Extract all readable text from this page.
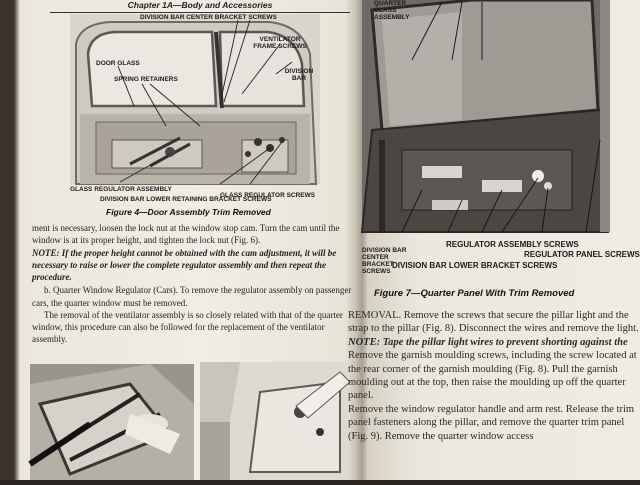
Chapter 1A—Body and Accessories
DIVISION BAR CENTER BRACKET SCREWS
VENTILATOR FRAME SCREWS
DIVISION BAR
DOOR GLASS
SPRING RETAINERS
GLASS REGULATOR ASSEMBLY
GLASS REGULATOR SCREWS
DIVISION BAR LOWER RETAINING BRACKET SCREWS
Figure 4—Door Assembly Trim Removed

ment is necessary, loosen the lock nut at the window stop cam. Turn the cam until the window is at its proper height, and tighten the lock nut (Fig. 6).

NOTE: If the proper height cannot be obtained with the cam adjustment, it will be necessary to raise or lower the complete regulator assembly and then repeat the procedure.

b. Quarter Window Regulator (Cars). To remove the regulator assembly on passenger cars, the quarter window must be removed.

The removal of the ventilator assembly is so closely related with that of the quarter window, this procedure can also be followed for the replacement of the ventilator assembly.

QUARTER GLASS ASSEMBLY
DIVISION BAR CENTER BRACKET SCREWS
REGULATOR ASSEMBLY SCREWS
REGULATOR PANEL SCREWS
DIVISION BAR LOWER BRACKET SCREWS
Figure 7—Quarter Panel With Trim Removed

REMOVAL. Remove the screws that secure the pillar light and the strap to the pillar (Fig. 8). Disconnect the wires and remove the light.

NOTE: Tape the pillar light wires to prevent shorting against the

Remove the garnish moulding screws, including the screw located at the rear corner of the garnish moulding (Fig. 8). Pull the garnish moulding out at the top, then raise the moulding up off the quarter panel.

Remove the window regulator handle and arm rest. Release the trim panel fasteners along the pillar, and remove the quarter trim panel (Fig. 9). Remove the quarter window access
